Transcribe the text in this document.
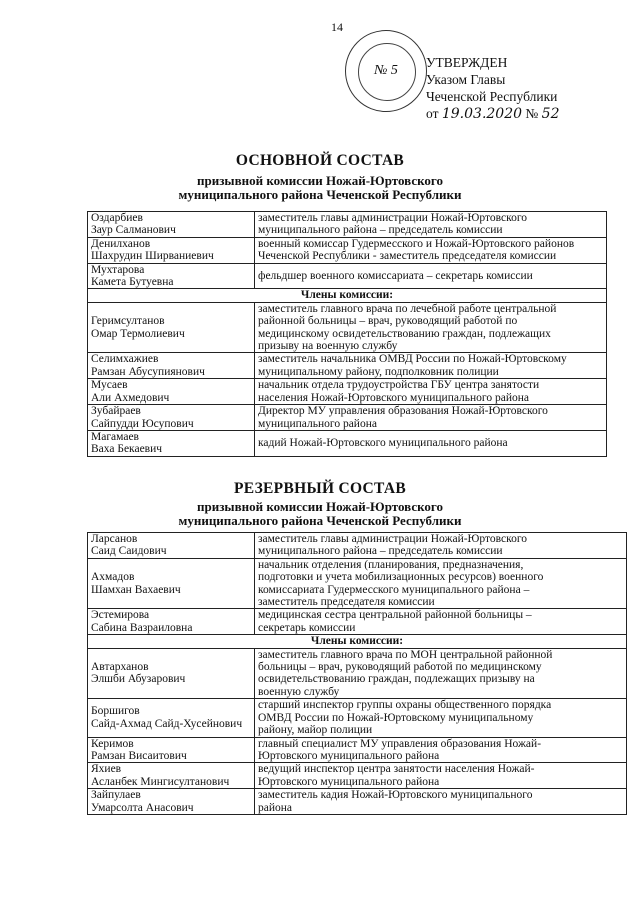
14
№ 5
УТВЕРЖДЕН
Указом Главы
Чеченской Республики
от 19.03.2020 № 52
ОСНОВНОЙ СОСТАВ
призывной комиссии Ножай-Юртовского
муниципального района Чеченской Республики
Оздарбиев
Заур Салманович	заместитель главы администрации Ножай-Юртовского
муниципального района – председатель комиссии

Денилханов
Шахрудин Ширваниевич	военный комиссар Гудермесского и Ножай-Юртовского районов
Чеченской Республики - заместитель председателя комиссии

Мухтарова
Камета Бутуевна	фельдшер военного комиссариата – секретарь комиссии

Члены комиссии:	

Геримсултанов
Омар Термолиевич	заместитель главного врача по лечебной работе центральной
районной больницы – врач, руководящий работой по
медицинскому освидетельствованию граждан, подлежащих
призыву на военную службу

Селимхажиев
Рамзан Абусупиянович	заместитель начальника ОМВД России по Ножай-Юртовскому
муниципальному району, подполковник полиции

Мусаев
Али Ахмедович	начальник отдела трудоустройства ГБУ центра занятости
населения Ножай-Юртовского муниципального района

Зубайраев
Сайпудди Юсупович	Директор МУ управления образования Ножай-Юртовского
муниципального района

Магамаев
Ваха Бекаевич	кадий Ножай-Юртовского муниципального района
РЕЗЕРВНЫЙ СОСТАВ
призывной комиссии Ножай-Юртовского
муниципального района Чеченской Республики
Ларсанов
Саид Саидович	заместитель главы администрации Ножай-Юртовского
муниципального района – председатель комиссии

Ахмадов
Шамхан Вахаевич	начальник отделения (планирования, предназначения,
подготовки и учета мобилизационных ресурсов) военного
комиссариата Гудермесского муниципального района –
заместитель председателя комиссии

Эстемирова
Сабина Вазраиловна	медицинская сестра центральной районной больницы –
секретарь комиссии

Члены комиссии:	

Автарханов
Элшби Абузарович	заместитель главного врача по МОН центральной районной
больницы – врач, руководящий работой по медицинскому
освидетельствованию граждан, подлежащих призыву на
военную службу

Боршигов
Сайд-Ахмад Сайд-Хусейнович	старший инспектор группы охраны общественного порядка
ОМВД России по Ножай-Юртовскому муниципальному
району, майор полиции

Керимов
Рамзан Висаитович	главный специалист МУ управления образования Ножай-
Юртовского муниципального района

Яхиев
Асланбек Мингисултанович	ведущий инспектор центра занятости населения Ножай-
Юртовского муниципального района

Зайпулаев
Умарсолта Анасович	заместитель кадия Ножай-Юртовского муниципального
района
